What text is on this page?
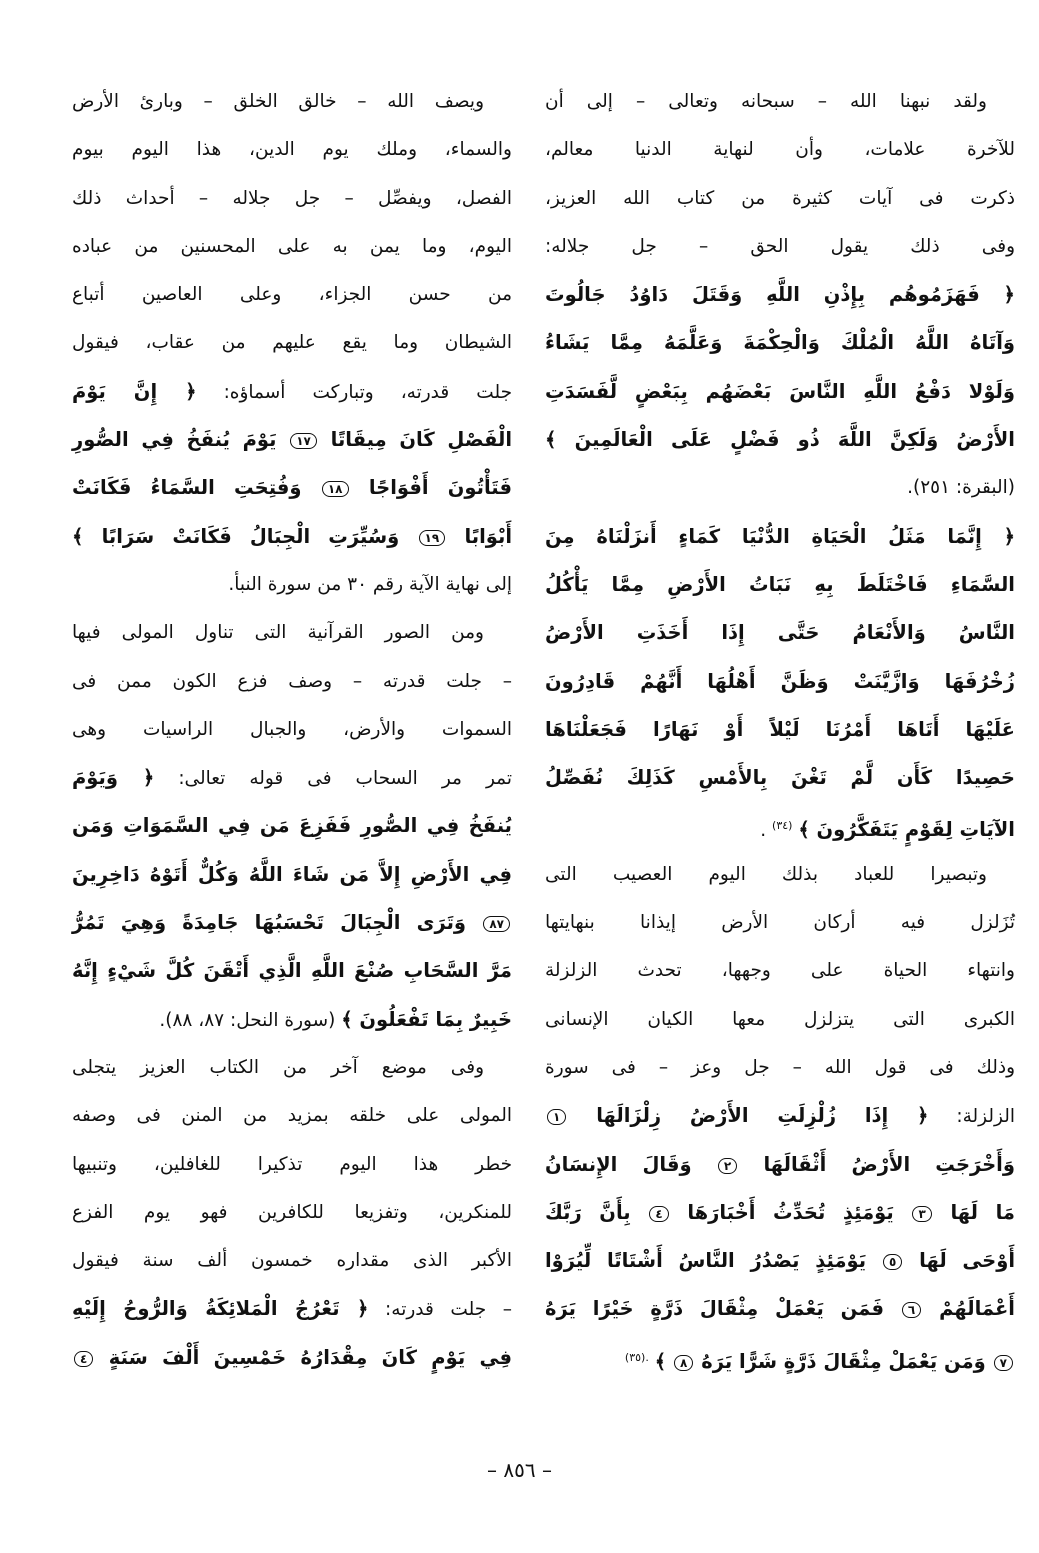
ولقد نبهنا الله – سبحانه وتعالى – إلى أن
للآخرة علامات، وأن لنهاية الدنيا معالم،
ذكرت فى آيات كثيرة من كتاب الله العزيز،
وفى ذلك يقول الحق – جل جلاله:
﴿ فَهَزَمُوهُم بِإِذْنِ اللَّهِ وَقَتَلَ دَاوُدُ جَالُوتَ
وَآتَاهُ اللَّهُ الْمُلْكَ وَالْحِكْمَةَ وَعَلَّمَهُ مِمَّا يَشَاءُ
وَلَوْلا دَفْعُ اللَّهِ النَّاسَ بَعْضَهُم بِبَعْضٍ لَّفَسَدَتِ
الأَرْضُ وَلَكِنَّ اللَّهَ ذُو فَضْلٍ عَلَى الْعَالَمِينَ ﴾
(البقرة: ٢٥١).
﴿ إِنَّمَا مَثَلُ الْحَيَاةِ الدُّنْيَا كَمَاءٍ أَنزَلْنَاهُ مِنَ
السَّمَاءِ فَاخْتَلَطَ بِهِ نَبَاتُ الأَرْضِ مِمَّا يَأْكُلُ
النَّاسُ وَالأَنْعَامُ حَتَّى إِذَا أَخَذَتِ الأَرْضُ
زُخْرُفَهَا وَازَّيَّنَتْ وَظَنَّ أَهْلُهَا أَنَّهُمْ قَادِرُونَ
عَلَيْهَا أَتَاهَا أَمْرُنَا لَيْلاً أَوْ نَهَارًا فَجَعَلْنَاهَا
حَصِيدًا كَأَن لَّمْ تَغْنَ بِالأَمْسِ كَذَلِكَ نُفَصِّلُ
الآيَاتِ لِقَوْمٍ يَتَفَكَّرُونَ ﴾ $^{(٣٤)}$ .
وتبصيرا للعباد بذلك اليوم العصيب التى
تُزَلزل فيه أركان الأرض إيذانا بنهايتها
وانتهاء الحياة على وجهها، تحدث الزلزلة
الكبرى التى يتزلزل معها الكيان الإنسانى
وذلك فى قول الله – جل وعز – فى سورة
الزلزلة: ﴿ إِذَا زُلْزِلَتِ الأَرْضُ زِلْزَالَهَا ١
وَأَخْرَجَتِ الأَرْضُ أَثْقَالَهَا ٢ وَقَالَ الإِنسَانُ
مَا لَهَا ٣ يَوْمَئِذٍ تُحَدِّثُ أَخْبَارَهَا ٤ بِأَنَّ رَبَّكَ
أَوْحَى لَهَا ٥ يَوْمَئِذٍ يَصْدُرُ النَّاسُ أَشْتَاتًا لِّيُرَوْا
أَعْمَالَهُمْ ٦ فَمَن يَعْمَلْ مِثْقَالَ ذَرَّةٍ خَيْرًا يَرَهُ
٧ وَمَن يَعْمَلْ مِثْقَالَ ذَرَّةٍ شَرًّا يَرَهُ ٨ ﴾ $^{.(٣٥)}$
ويصف الله – خالق الخلق – وبارئ الأرض
والسماء، وملك يوم الدين، هذا اليوم بيوم
الفصل، ويفصِّل – جل جلاله – أحداث ذلك
اليوم، وما يمن به على المحسنين من عباده
من حسن الجزاء، وعلى العاصين أتباع
الشيطان وما يقع عليهم من عقاب، فيقول
جلت قدرته، وتباركت أسماؤه: ﴿ إِنَّ يَوْمَ
الْفَصْلِ كَانَ مِيقَاتًا ١٧ يَوْمَ يُنفَخُ فِي الصُّورِ
فَتَأْتُونَ أَفْوَاجًا ١٨ وَفُتِحَتِ السَّمَاءُ فَكَانَتْ
أَبْوَابًا ١٩ وَسُيِّرَتِ الْجِبَالُ فَكَانَتْ سَرَابًا ﴾
إلى نهاية الآية رقم ٣٠ من سورة النبأ.
ومن الصور القرآنية التى تناول المولى فيها
– جلت قدرته – وصف فزع الكون ممن فى
السموات والأرض، والجبال الراسيات وهى
تمر مر السحاب فى قوله تعالى: ﴿ وَيَوْمَ
يُنفَخُ فِي الصُّورِ فَفَزِعَ مَن فِي السَّمَوَاتِ وَمَن
فِي الأَرْضِ إِلاَّ مَن شَاءَ اللَّهُ وَكُلٌّ أَتَوْهُ دَاخِرِينَ
٨٧ وَتَرَى الْجِبَالَ تَحْسَبُهَا جَامِدَةً وَهِيَ تَمُرُّ
مَرَّ السَّحَابِ صُنْعَ اللَّهِ الَّذِي أَتْقَنَ كُلَّ شَيْءٍ إِنَّهُ
خَبِيرٌ بِمَا تَفْعَلُونَ ﴾ (سورة النحل: ٨٧، ٨٨).
وفى موضع آخر من الكتاب العزيز يتجلى
المولى على خلقه بمزيد من المنن فى وصفه
خطر هذا اليوم تذكيرا للغافلين، وتنبيها
للمنكرين، وتفزيعا للكافرين فهو يوم الفزع
الأكبر الذى مقداره خمسون ألف سنة فيقول
– جلت قدرته: ﴿ تَعْرُجُ الْمَلائِكَةُ وَالرُّوحُ إِلَيْهِ
فِي يَوْمٍ كَانَ مِقْدَارُهُ خَمْسِينَ أَلْفَ سَنَةٍ ٤
– ٨٥٦ –
